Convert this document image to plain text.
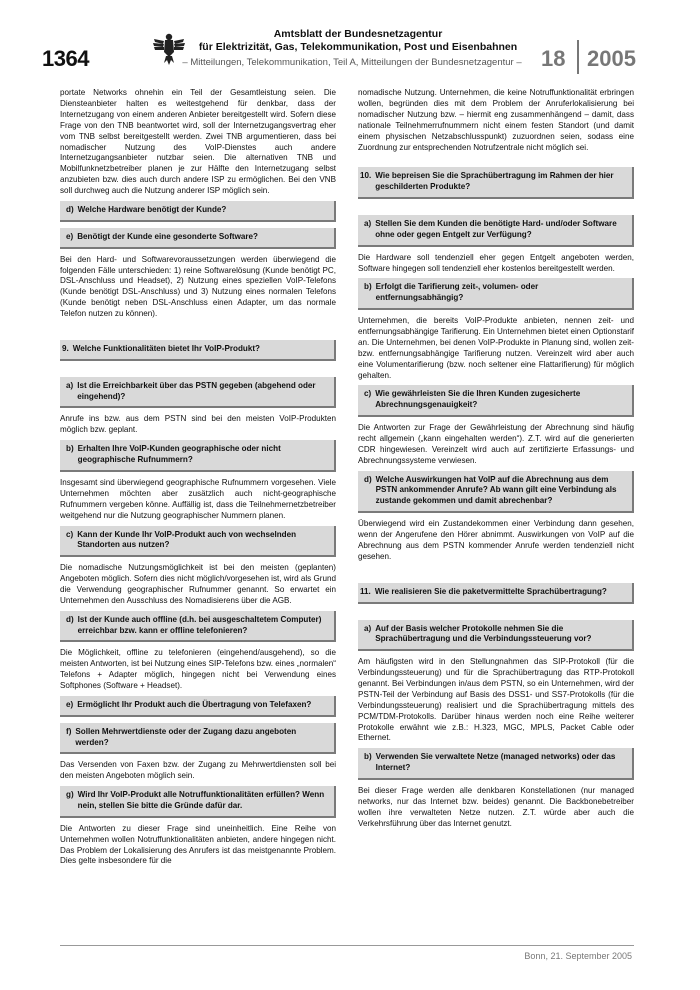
1364
Amtsblatt der Bundesnetzagentur
für Elektrizität, Gas, Telekommunikation, Post und Eisenbahnen
– Mitteilungen, Telekommunikation, Teil A, Mitteilungen der Bundesnetzagentur – 18 2005

portate Networks ohnehin ein Teil der Gesamtleistung seien. Die Diensteanbieter halten es weitestgehend für denkbar, dass der Internetzugang von einem anderen Anbieter bereitgestellt wird. Sofern diese Frage von den TNB beantwortet wird, soll der Internetzugangsvertrag eher vom TNB selbst bereitgestellt werden. Zwei TNB argumentieren, dass bei nomadischer Nutzung des VoIP-Dienstes auch andere Internetzugangsanbieter nutzbar seien. Die alternativen TNB und Mobilfunknetzbetreiber planen je zur Hälfte den Internetzugang selbst anzubieten bzw. dies auch durch andere ISP zu ermöglichen. Bei den VNB soll durchweg auch die Nutzung anderer ISP möglich sein.

d) Welche Hardware benötigt der Kunde?
e) Benötigt der Kunde eine gesonderte Software?

Bei den Hard- und Softwarevoraussetzungen werden überwiegend die folgenden Fälle unterschieden: 1) reine Softwarelösung (Kunde benötigt PC, DSL-Anschluss und Headset), 2) Nutzung eines speziellen VoIP-Telefons (Kunde benötigt DSL-Anschluss) und 3) Nutzung eines normalen Telefons (Kunde benötigt neben DSL-Anschluss einen Adapter, um das normale Telefon nutzen zu können).

9. Welche Funktionalitäten bietet Ihr VoIP-Produkt?
a) Ist die Erreichbarkeit über das PSTN gegeben (abgehend oder eingehend)?

Anrufe ins bzw. aus dem PSTN sind bei den meisten VoIP-Produkten möglich bzw. geplant.

b) Erhalten Ihre VoIP-Kunden geographische oder nicht geographische Rufnummern?

Insgesamt sind überwiegend geographische Rufnummern vorgesehen. Viele Unternehmen möchten aber zusätzlich auch nicht-geographische Rufnummern vergeben könne. Auffällig ist, dass die Teilnehmernetzbetreiber weitgehend nur die Nutzung geographischer Nummern planen.

c) Kann der Kunde Ihr VoIP-Produkt auch von wechselnden Standorten aus nutzen?

Die nomadische Nutzungsmöglichkeit ist bei den meisten (geplanten) Angeboten möglich. Sofern dies nicht möglich/vorgesehen ist, wird als Grund die Verwendung geographischer Rufnummer genannt. So erwartet ein Unternehmen den Ausschluss des Nomadisierens über die AGB.

d) Ist der Kunde auch offline (d.h. bei ausgeschaltetem Computer) erreichbar bzw. kann er offline telefonieren?

Die Möglichkeit, offline zu telefonieren (eingehend/ausgehend), so die meisten Antworten, ist bei Nutzung eines SIP-Telefons bzw. eines „normalen“ Telefons + Adapter möglich, hingegen nicht bei Verwendung eines Softphones (Software + Headset).

e) Ermöglicht Ihr Produkt auch die Übertragung von Telefaxen?
f) Sollen Mehrwertdienste oder der Zugang dazu angeboten werden?

Das Versenden von Faxen bzw. der Zugang zu Mehrwertdiensten soll bei den meisten Angeboten möglich sein.

g) Wird Ihr VoIP-Produkt alle Notruffunktionalitäten erfüllen? Wenn nein, stellen Sie bitte die Gründe dafür dar.

Die Antworten zu dieser Frage sind uneinheitlich. Eine Reihe von Unternehmen wollen Notruffunktionalitäten anbieten, andere hingegen nicht. Das Problem der Lokalisierung des Anrufers ist das meistgenannte Problem. Dies gelte insbesondere für die

nomadische Nutzung. Unternehmen, die keine Notruffunktionalität erbringen wollen, begründen dies mit dem Problem der Anruferlokalisierung bei nomadischer Nutzung bzw. – hiermit eng zusammenhängend – damit, dass nationale Teilnehmerrufnummern nicht einem festen Standort (und damit einem physischen Netzabschlusspunkt) zuzuordnen seien, sodass eine Zuordnung zur entsprechenden Notrufzentrale nicht möglich sei.

10. Wie bepreisen Sie die Sprachübertragung im Rahmen der hier geschilderten Produkte?
a) Stellen Sie dem Kunden die benötigte Hard- und/oder Software ohne oder gegen Entgelt zur Verfügung?

Die Hardware soll tendenziell eher gegen Entgelt angeboten werden, Software hingegen soll tendenziell eher kostenlos bereitgestellt werden.

b) Erfolgt die Tarifierung zeit-, volumen- oder entfernungsabhängig?

Unternehmen, die bereits VoIP-Produkte anbieten, nennen zeit- und entfernungsabhängige Tarifierung. Ein Unternehmen bietet einen Optionstarif an. Die Unternehmen, bei denen VoIP-Produkte in Planung sind, wollen zeit- bzw. entfernungsabhängige Tarifierung nutzen. Vereinzelt wird aber auch eine Volumentarifierung (bzw. noch seltener eine Flattarifierung) für möglich gehalten.

c) Wie gewährleisten Sie die Ihren Kunden zugesicherte Abrechnungsgenauigkeit?

Die Antworten zur Frage der Gewährleistung der Abrechnung sind häufig recht allgemein („kann eingehalten werden“). Z.T. wird auf die generierten CDR hingewiesen. Vereinzelt wird auch auf zertifizierte Erfassungs- und Abrechnungssysteme verwiesen.

d) Welche Auswirkungen hat VoIP auf die Abrechnung aus dem PSTN ankommender Anrufe? Ab wann gilt eine Verbindung als zustande gekommen und damit abrechenbar?

Überwiegend wird ein Zustandekommen einer Verbindung dann gesehen, wenn der Angerufene den Hörer abnimmt. Auswirkungen von VoIP auf die Abrechnung aus dem PSTN kommender Anrufe werden tendenziell nicht gesehen.

11. Wie realisieren Sie die paketvermittelte Sprachübertragung?
a) Auf der Basis welcher Protokolle nehmen Sie die Sprachübertragung und die Verbindungssteuerung vor?

Am häufigsten wird in den Stellungnahmen das SIP-Protokoll (für die Verbindungssteuerung) und für die Sprachübertragung das RTP-Protokoll genannt. Bei Verbindungen in/aus dem PSTN, so ein Unternehmen, wird der PSTN-Teil der Verbindung auf Basis des DSS1- und SS7-Protokolls (für die Verbindungssteuerung) realisiert und die Sprachübertragung mittels des PCM/TDM-Protokolls. Darüber hinaus werden noch eine Reihe weiterer Protokolle erwähnt wie z.B.: H.323, MGC, MPLS, Packet Cable oder Ethernet.

b) Verwenden Sie verwaltete Netze (managed networks) oder das Internet?

Bei dieser Frage werden alle denkbaren Konstellationen (nur managed networks, nur das Internet bzw. beides) genannt. Die Backbonebetreiber wollen ihre verwalteten Netze nutzen. Z.T. würde aber auch die Verkehrsführung über das Internet genutzt.

Bonn, 21. September 2005
